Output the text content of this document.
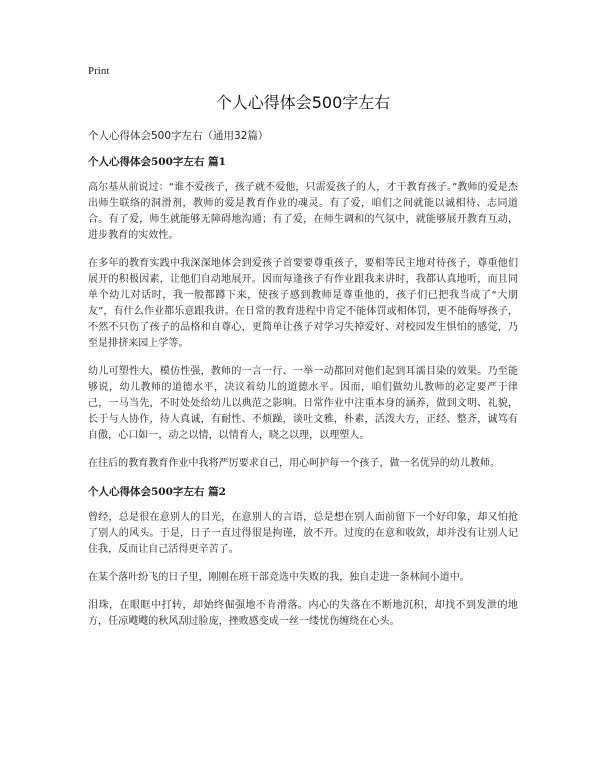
Print
个人心得体会500字左右
个人心得体会500字左右（通用32篇）
个人心得体会500字左右 篇1

高尔基从前说过：“谁不爱孩子，孩子就不爱他，只需爱孩子的人，才干教育孩子。”教师的爱是杰出师生联络的洞滑剂，教师的爱是教育作业的魂灵。有了爱，咱们之间就能以诚相待、志同道合。有了爱，师生就能够无障碍地沟通；有了爱，在师生调和的气氛中，就能够展开教育互动，进步教育的实效性。

在多年的教育实践中我深深地体会到爱孩子首要要尊重孩子，要相等民主地对待孩子，尊重他们展开的积极因素，让他们自动地展开。因而每逢孩子有作业跟我来讲时，我都认真地听，而且同单个幼儿对话时，我一般都蹲下来，使孩子感到教师是尊重他的，孩子们已把我当成了“大朋友”，有什么作业都乐意跟我讲。在日常的教育进程中肯定不能体罚或相体罚，更不能侮辱孩子，不然不只伤了孩子的品格和自尊心，更简单让孩子对学习失掉爱好、对校园发生惧怕的感觉，乃至是排挤来园上学等。

幼儿可塑性大，模仿性强，教师的一言一行、一举一动都回对他们起到耳濡目染的效果。乃至能够说，幼儿教师的道德水平，决议着幼儿的道德水平。因而，咱们做幼儿教师的必定要严于律己，一马当先，不时处处给幼儿以典范之影响。日常作业中注重本身的涵养，做到文明、礼貌，长于与人协作，待人真诚，有耐性、不烦躁，谈吐文雅，朴素，活泼大方，正经、整齐，诚笃有自傲，心口如一，动之以情，以情育人，晓之以理，以理塑人。

在往后的教育教育作业中我将严厉要求自己，用心呵护每一个孩子，做一名优异的幼儿教师。

个人心得体会500字左右 篇2

曾经，总是很在意别人的目光，在意别人的言语，总是想在别人面前留下一个好印象，却又怕抢了别人的风头。于是，日子一直过得很是拘谨，放不开。过度的在意和收敛，却并没有让别人记住我，反而让自己活得更辛苦了。

在某个落叶纷飞的日子里，刚刚在班干部竞选中失败的我，独自走进一条林间小道中。

泪珠，在眼眶中打转，却始终倔强地不肯滑落。内心的失落在不断地沉积，却找不到发泄的地方，任凉飕飕的秋风刮过脸庞，挫败感变成一丝一缕忧伤缠绕在心头。
